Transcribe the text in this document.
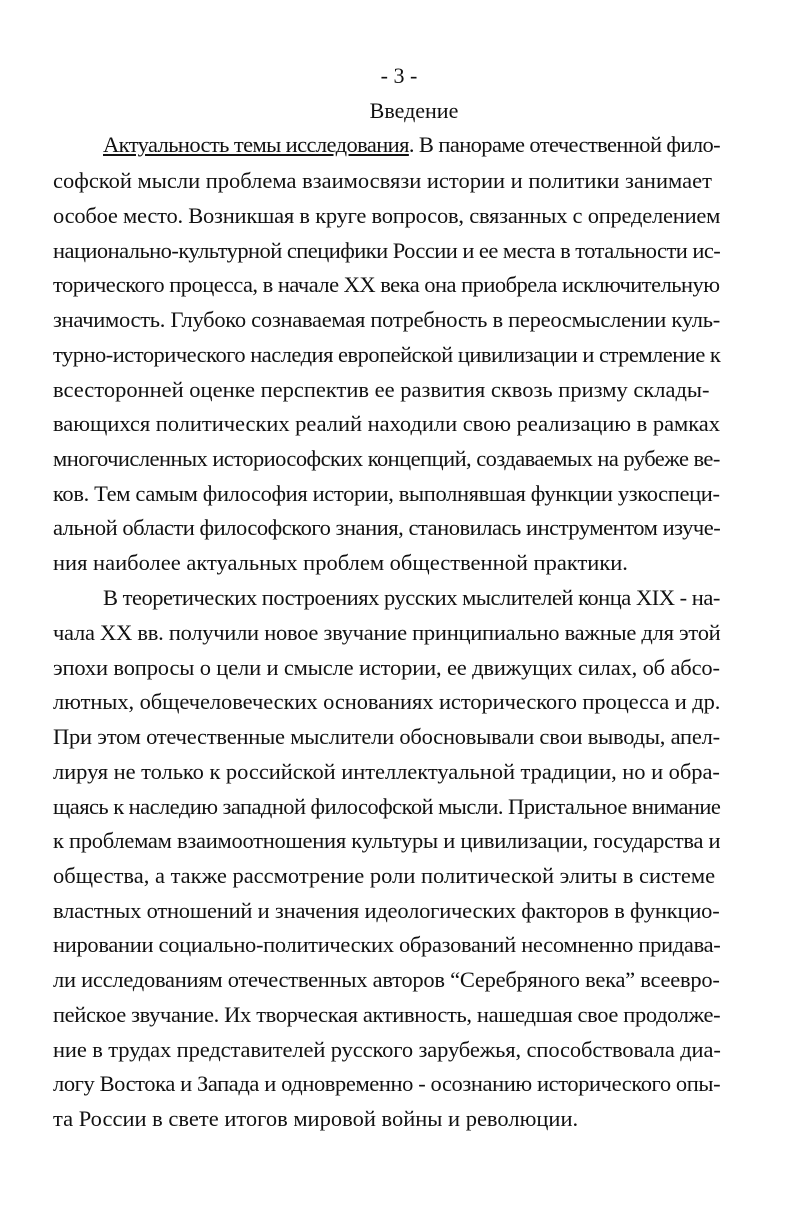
- 3 -
Введение
Актуальность темы исследования. В панораме отечественной фило-
софской мысли проблема взаимосвязи истории и политики занимает
особое место. Возникшая в круге вопросов, связанных с определением
национально-культурной специфики России и ее места в тотальности ис-
торического процесса, в начале XX века она приобрела исключительную
значимость. Глубоко сознаваемая потребность в переосмыслении куль-
турно-исторического наследия европейской цивилизации и стремление к
всесторонней оценке перспектив ее развития сквозь призму склады-
вающихся политических реалий находили свою реализацию в рамках
многочисленных историософских концепций, создаваемых на рубеже ве-
ков. Тем самым философия истории, выполнявшая функции узкоспеци-
альной области философского знания, становилась инструментом изуче-
ния наиболее актуальных проблем общественной практики.
В теоретических построениях русских мыслителей конца XIX - на-
чала XX вв. получили новое звучание принципиально важные для этой
эпохи вопросы о цели и смысле истории, ее движущих силах, об абсо-
лютных, общечеловеческих основаниях исторического процесса и др.
При этом отечественные мыслители обосновывали свои выводы, апел-
лируя не только к российской интеллектуальной традиции, но и обра-
щаясь к наследию западной философской мысли. Пристальное внимание
к проблемам взаимоотношения культуры и цивилизации, государства и
общества, а также рассмотрение роли политической элиты в системе
властных отношений и значения идеологических факторов в функцио-
нировании социально-политических образований несомненно придава-
ли исследованиям отечественных авторов “Серебряного века” всеевро-
пейское звучание. Их творческая активность, нашедшая свое продолже-
ние в трудах представителей русского зарубежья, способствовала диа-
логу Востока и Запада и одновременно - осознанию исторического опы-
та России в свете итогов мировой войны и революции.
